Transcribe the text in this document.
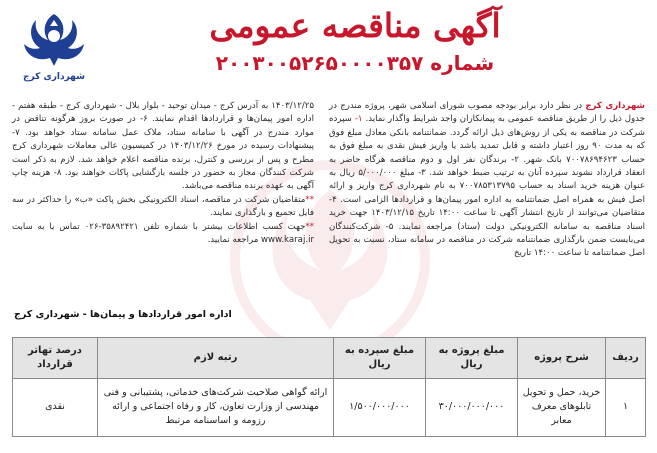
شهرداری کرج
آگهی مناقصه عمومی
شماره ۲۰۰۳۰۰۵۲۶۵۰۰۰۰۳۵۷

شهرداری کرج در نظر دارد برابر بودجه مصوب شورای اسلامی شهر، پروژه مندرج در جدول ذیل را از طریق مناقصه عمومی به پیمانکاران واجد شرایط واگذار نماید. ۱- سپرده شرکت در مناقصه به یکی از روش‌های ذیل ارائه گردد. ضمانتنامه بانکی معادل مبلغ فوق که به مدت ۹۰ روز اعتبار داشته و قابل تمدید باشد یا واریز فیش نقدی به مبلغ فوق به حساب ۷۰۰۷۸۶۹۴۶۲۳ بانک شهر. ۲- برندگان نفر اول و دوم مناقصه هرگاه حاضر به انعقاد قرارداد نشوند سپرده آنان به ترتیب ضبط خواهد شد. ۳- مبلغ ۵/۰۰۰/۰۰۰ ریال به عنوان هزینه خرید اسناد به حساب ۷۰۰۷۸۵۳۱۳۷۹۵ به نام شهرداری کرج واریز و ارائه اصل فیش به همراه اصل ضمانتنامه به اداره امور پیمان‌ها و قراردادها الزامی است. ۴- متقاضیان می‌توانند از تاریخ انتشار آگهی تا ساعت ۱۴:۰۰ تاریخ ۱۴۰۳/۱۲/۱۵ جهت خرید اسناد مناقصه به سامانه الکترونیکی دولت (ستاد) مراجعه نمایند. ۵- شرکت‌کنندگان می‌بایست ضمن بارگذاری ضمانتنامه شرکت در مناقصه در سامانه ستاد، نسبت به تحویل اصل ضمانتنامه تا ساعت ۱۴:۰۰ تاریخ

۱۴۰۳/۱۲/۲۵ به آدرس کرج - میدان توحید - بلوار بلال - شهرداری کرج - طبقه هفتم - اداره امور پیمان‌ها و قراردادها اقدام نمایند. ۶- در صورت بروز هرگونه تناقض در موارد مندرج در آگهی با سامانه ستاد، ملاک عمل سامانه ستاد خواهد بود. ۷- پیشنهادات رسیده در مورخ ۱۴۰۳/۱۲/۲۶ در کمیسیون عالی معاملات شهرداری کرج مطرح و پس از بررسی و کنترل، برنده مناقصه اعلام خواهد شد. لازم به ذکر است شرکت کنندگان مجاز به حضور در جلسه بازگشایی پاکات خواهند بود. ۸- هزینه چاپ آگهی به عهده برنده مناقصه می‌باشد.

**متقاضیان شرکت در مناقصه، اسناد الکترونیکی بخش پاکت «ب» را حداکثر در سه فایل تجمیع و بارگذاری نمایند.

**جهت کسب اطلاعات بیشتر با شماره تلفن ۳۵۸۹۲۴۲۱-۰۲۶ تماس یا به سایت www.karaj.ir مراجعه نمایید.

اداره امور قراردادها و پیمان‌ها - شهرداری کرج
ردیف	شرح پروژه	مبلغ پروژه به ریال	مبلغ سپرده به ریال	رتبه لازم	درصد تهاتر قرارداد
۱	خرید، حمل و تحویل تابلوهای معرف معابر	۳۰/۰۰۰/۰۰۰/۰۰۰	۱/۵۰۰/۰۰۰/۰۰۰	ارائه گواهی صلاحیت شرکت‌های خدماتی، پشتیبانی و فنی مهندسی از وزارت تعاون، کار و رفاه اجتماعی و ارائه رزومه و اساسنامه مرتبط	نقدی
